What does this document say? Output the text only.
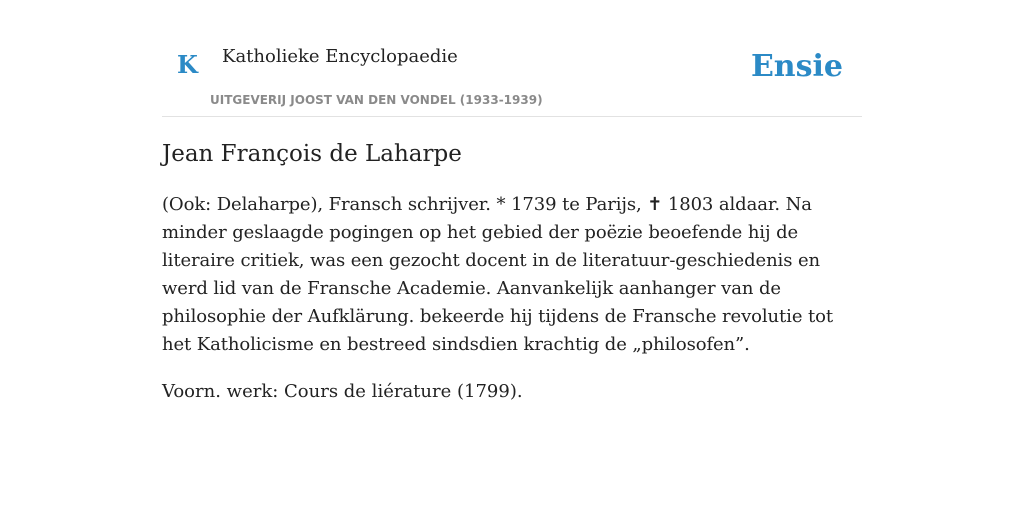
K Katholieke Encyclopaedie
UITGEVERIJ JOOST VAN DEN VONDEL (1933-1939)
Ensie
Jean François de Laharpe

(Ook: Delaharpe), Fransch schrijver. * 1739 te Parijs, ✝ 1803 aldaar. Na minder geslaagde pogingen op het gebied der poëzie beoefende hij de literaire critiek, was een gezocht docent in de literatuur-geschiedenis en werd lid van de Fransche Academie. Aanvankelijk aanhanger van de philosophie der Aufklärung. bekeerde hij tijdens de Fransche revolutie tot het Katholicisme en bestreed sindsdien krachtig de „philosofen”.

Voorn. werk: Cours de liérature (1799).
